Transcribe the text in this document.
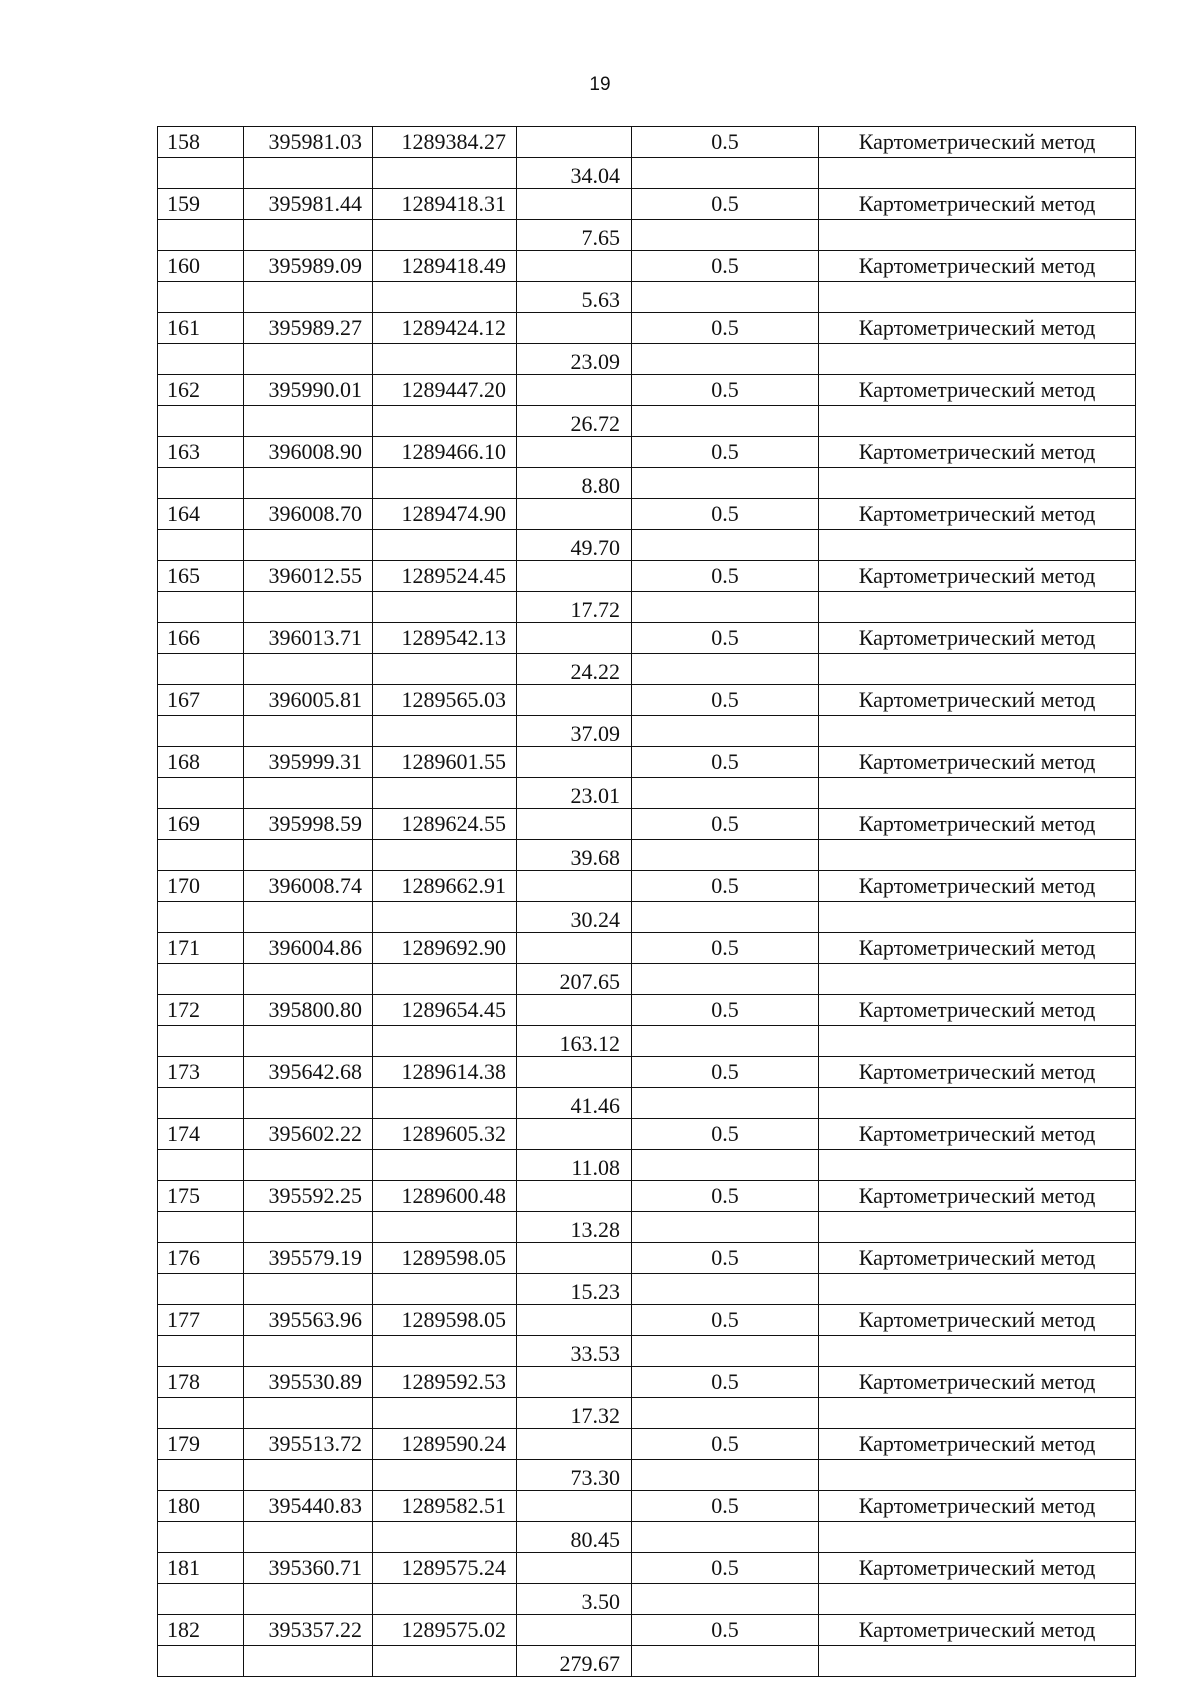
19
158	395981.03	1289384.27		0.5	Картометрический метод
			34.04		
159	395981.44	1289418.31		0.5	Картометрический метод
			7.65		
160	395989.09	1289418.49		0.5	Картометрический метод
			5.63		
161	395989.27	1289424.12		0.5	Картометрический метод
			23.09		
162	395990.01	1289447.20		0.5	Картометрический метод
			26.72		
163	396008.90	1289466.10		0.5	Картометрический метод
			8.80		
164	396008.70	1289474.90		0.5	Картометрический метод
			49.70		
165	396012.55	1289524.45		0.5	Картометрический метод
			17.72		
166	396013.71	1289542.13		0.5	Картометрический метод
			24.22		
167	396005.81	1289565.03		0.5	Картометрический метод
			37.09		
168	395999.31	1289601.55		0.5	Картометрический метод
			23.01		
169	395998.59	1289624.55		0.5	Картометрический метод
			39.68		
170	396008.74	1289662.91		0.5	Картометрический метод
			30.24		
171	396004.86	1289692.90		0.5	Картометрический метод
			207.65		
172	395800.80	1289654.45		0.5	Картометрический метод
			163.12		
173	395642.68	1289614.38		0.5	Картометрический метод
			41.46		
174	395602.22	1289605.32		0.5	Картометрический метод
			11.08		
175	395592.25	1289600.48		0.5	Картометрический метод
			13.28		
176	395579.19	1289598.05		0.5	Картометрический метод
			15.23		
177	395563.96	1289598.05		0.5	Картометрический метод
			33.53		
178	395530.89	1289592.53		0.5	Картометрический метод
			17.32		
179	395513.72	1289590.24		0.5	Картометрический метод
			73.30		
180	395440.83	1289582.51		0.5	Картометрический метод
			80.45		
181	395360.71	1289575.24		0.5	Картометрический метод
			3.50		
182	395357.22	1289575.02		0.5	Картометрический метод
			279.67		
